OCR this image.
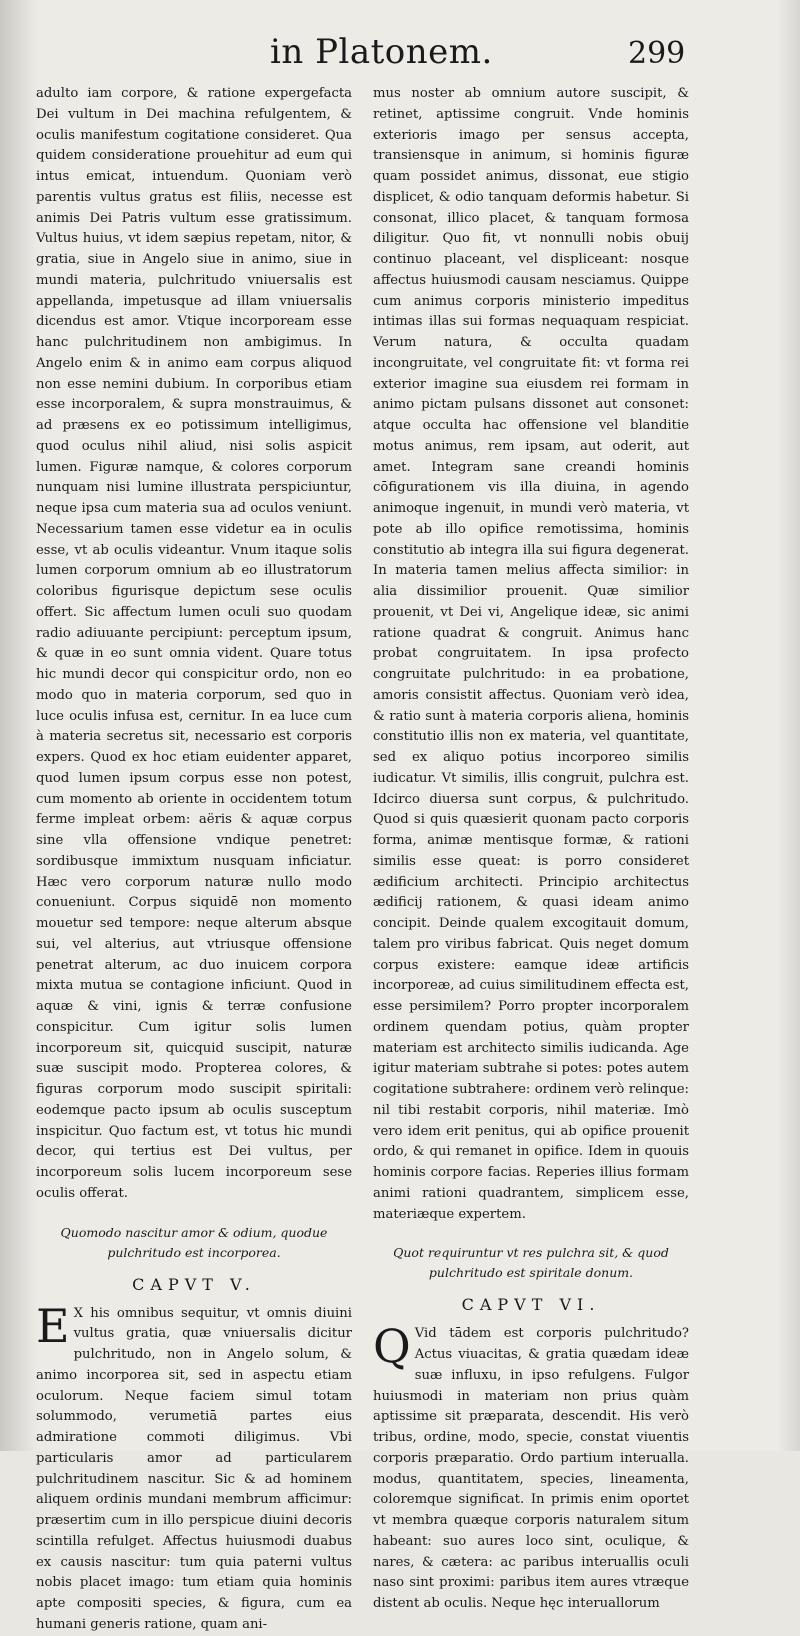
in Platonem.	299

adulto iam corpore, & ratione expergefacta Dei vultum in Dei machina refulgentem, & oculis manifestum cogitatione consideret. Qua quidem consideratione prouehitur ad eum qui intus emicat, intuendum. Quoniam verò parentis vultus gratus est filiis, necesse est animis Dei Patris vultum esse gratissimum. Vultus huius, vt idem sæpius repetam, nitor, & gratia, siue in Angelo siue in animo, siue in mundi materia, pulchritudo vniuersalis est appellanda, impetusque ad illam vniuersalis dicendus est amor. Vtique incorpoream esse hanc pulchritudinem non ambigimus. In Angelo enim & in animo eam corpus aliquod non esse nemini dubium. In corporibus etiam esse incorporalem, & supra monstrauimus, & ad præsens ex eo potissimum intelligimus, quod oculus nihil aliud, nisi solis aspicit lumen. Figuræ namque, & colores corporum nunquam nisi lumine illustrata perspiciuntur, neque ipsa cum materia sua ad oculos veniunt. Necessarium tamen esse videtur ea in oculis esse, vt ab oculis videantur. Vnum itaque solis lumen corporum omnium ab eo illustratorum coloribus figurisque depictum sese oculis offert. Sic affectum lumen oculi suo quodam radio adiuuante percipiunt: perceptum ipsum, & quæ in eo sunt omnia vident. Quare totus hic mundi decor qui conspicitur ordo, non eo modo quo in materia corporum, sed quo in luce oculis infusa est, cernitur. In ea luce cum à materia secretus sit, necessario est corporis expers. Quod ex hoc etiam euidenter apparet, quod lumen ipsum corpus esse non potest, cum momento ab oriente in occidentem totum ferme impleat orbem: aëris & aquæ corpus sine vlla offensione vndique penetret: sordibusque immixtum nusquam inficiatur. Hæc vero corporum naturæ nullo modo conueniunt. Corpus siquidē non momento mouetur sed tempore: neque alterum absque sui, vel alterius, aut vtriusque offensione penetrat alterum, ac duo inuicem corpora mixta mutua se contagione inficiunt. Quod in aquæ & vini, ignis & terræ confusione conspicitur. Cum igitur solis lumen incorporeum sit, quicquid suscipit, naturæ suæ suscipit modo. Propterea colores, & figuras corporum modo suscipit spiritali: eodemque pacto ipsum ab oculis susceptum inspicitur. Quo factum est, vt totus hic mundi decor, qui tertius est Dei vultus, per incorporeum solis lucem incorporeum sese oculis offerat.

Quomodo nascitur amor & odium, quodue pulchritudo est incorporea.
CAPVT V.

E X his omnibus sequitur, vt omnis diuini vultus gratia, quæ vniuersalis dicitur pulchritudo, non in Angelo solum, & animo incorporea sit, sed in aspectu etiam oculorum. Neque faciem simul totam solummodo, verumetiā partes eius admiratione commoti diligimus. Vbi particularis amor ad particularem pulchritudinem nascitur. Sic & ad hominem aliquem ordinis mundani membrum afficimur: præsertim cum in illo perspicue diuini decoris scintilla refulget. Affectus huiusmodi duabus ex causis nascitur: tum quia paterni vultus nobis placet imago: tum etiam quia hominis apte compositi species, & figura, cum ea humani generis ratione, quam ani-

mus noster ab omnium autore suscipit, & retinet, aptissime congruit. Vnde hominis exterioris imago per sensus accepta, transiensque in animum, si hominis figuræ quam possidet animus, dissonat, eue stigio displicet, & odio tanquam deformis habetur. Si consonat, illico placet, & tanquam formosa diligitur. Quo fit, vt nonnulli nobis obuij continuo placeant, vel displiceant: nosque affectus huiusmodi causam nesciamus. Quippe cum animus corporis ministerio impeditus intimas illas sui formas nequaquam respiciat. Verum natura, & occulta quadam incongruitate, vel congruitate fit: vt forma rei exterior imagine sua eiusdem rei formam in animo pictam pulsans dissonet aut consonet: atque occulta hac offensione vel blanditie motus animus, rem ipsam, aut oderit, aut amet. Integram sane creandi hominis cōfigurationem vis illa diuina, in agendo animoque ingenuit, in mundi verò materia, vt pote ab illo opifice remotissima, hominis constitutio ab integra illa sui figura degenerat. In materia tamen melius affecta similior: in alia dissimilior prouenit. Quæ similior prouenit, vt Dei vi, Angelique ideæ, sic animi ratione quadrat & congruit. Animus hanc probat congruitatem. In ipsa profecto congruitate pulchritudo: in ea probatione, amoris consistit affectus. Quoniam verò idea, & ratio sunt à materia corporis aliena, hominis constitutio illis non ex materia, vel quantitate, sed ex aliquo potius incorporeo similis iudicatur. Vt similis, illis congruit, pulchra est. Idcirco diuersa sunt corpus, & pulchritudo. Quod si quis quæsierit quonam pacto corporis forma, animæ mentisque formæ, & rationi similis esse queat: is porro consideret ædificium architecti. Principio architectus ædificij rationem, & quasi ideam animo concipit. Deinde qualem excogitauit domum, talem pro viribus fabricat. Quis neget domum corpus existere: eamque ideæ artificis incorporeæ, ad cuius similitudinem effecta est, esse persimilem? Porro propter incorporalem ordinem quendam potius, quàm propter materiam est architecto similis iudicanda. Age igitur materiam subtrahe si potes: potes autem cogitatione subtrahere: ordinem verò relinque: nil tibi restabit corporis, nihil materiæ. Imò vero idem erit penitus, qui ab opifice prouenit ordo, & qui remanet in opifice. Idem in quouis hominis corpore facias. Reperies illius formam animi rationi quadrantem, simplicem esse, materiæque expertem.

Quot requiruntur vt res pulchra sit, & quod pulchritudo est spiritale donum.
CAPVT VI.

Q Vid tādem est corporis pulchritudo? Actus viuacitas, & gratia quædam ideæ suæ influxu, in ipso refulgens. Fulgor huiusmodi in materiam non prius quàm aptissime sit præparata, descendit. His verò tribus, ordine, modo, specie, constat viuentis corporis præparatio. Ordo partium interualla. modus, quantitatem, species, lineamenta, coloremque significat. In primis enim oportet vt membra quæque corporis naturalem situm habeant: suo aures loco sint, oculique, & nares, & cætera: ac paribus interuallis oculi naso sint proximi: paribus item aures vtræque distent ab oculis. Neque hęc interuallorum
